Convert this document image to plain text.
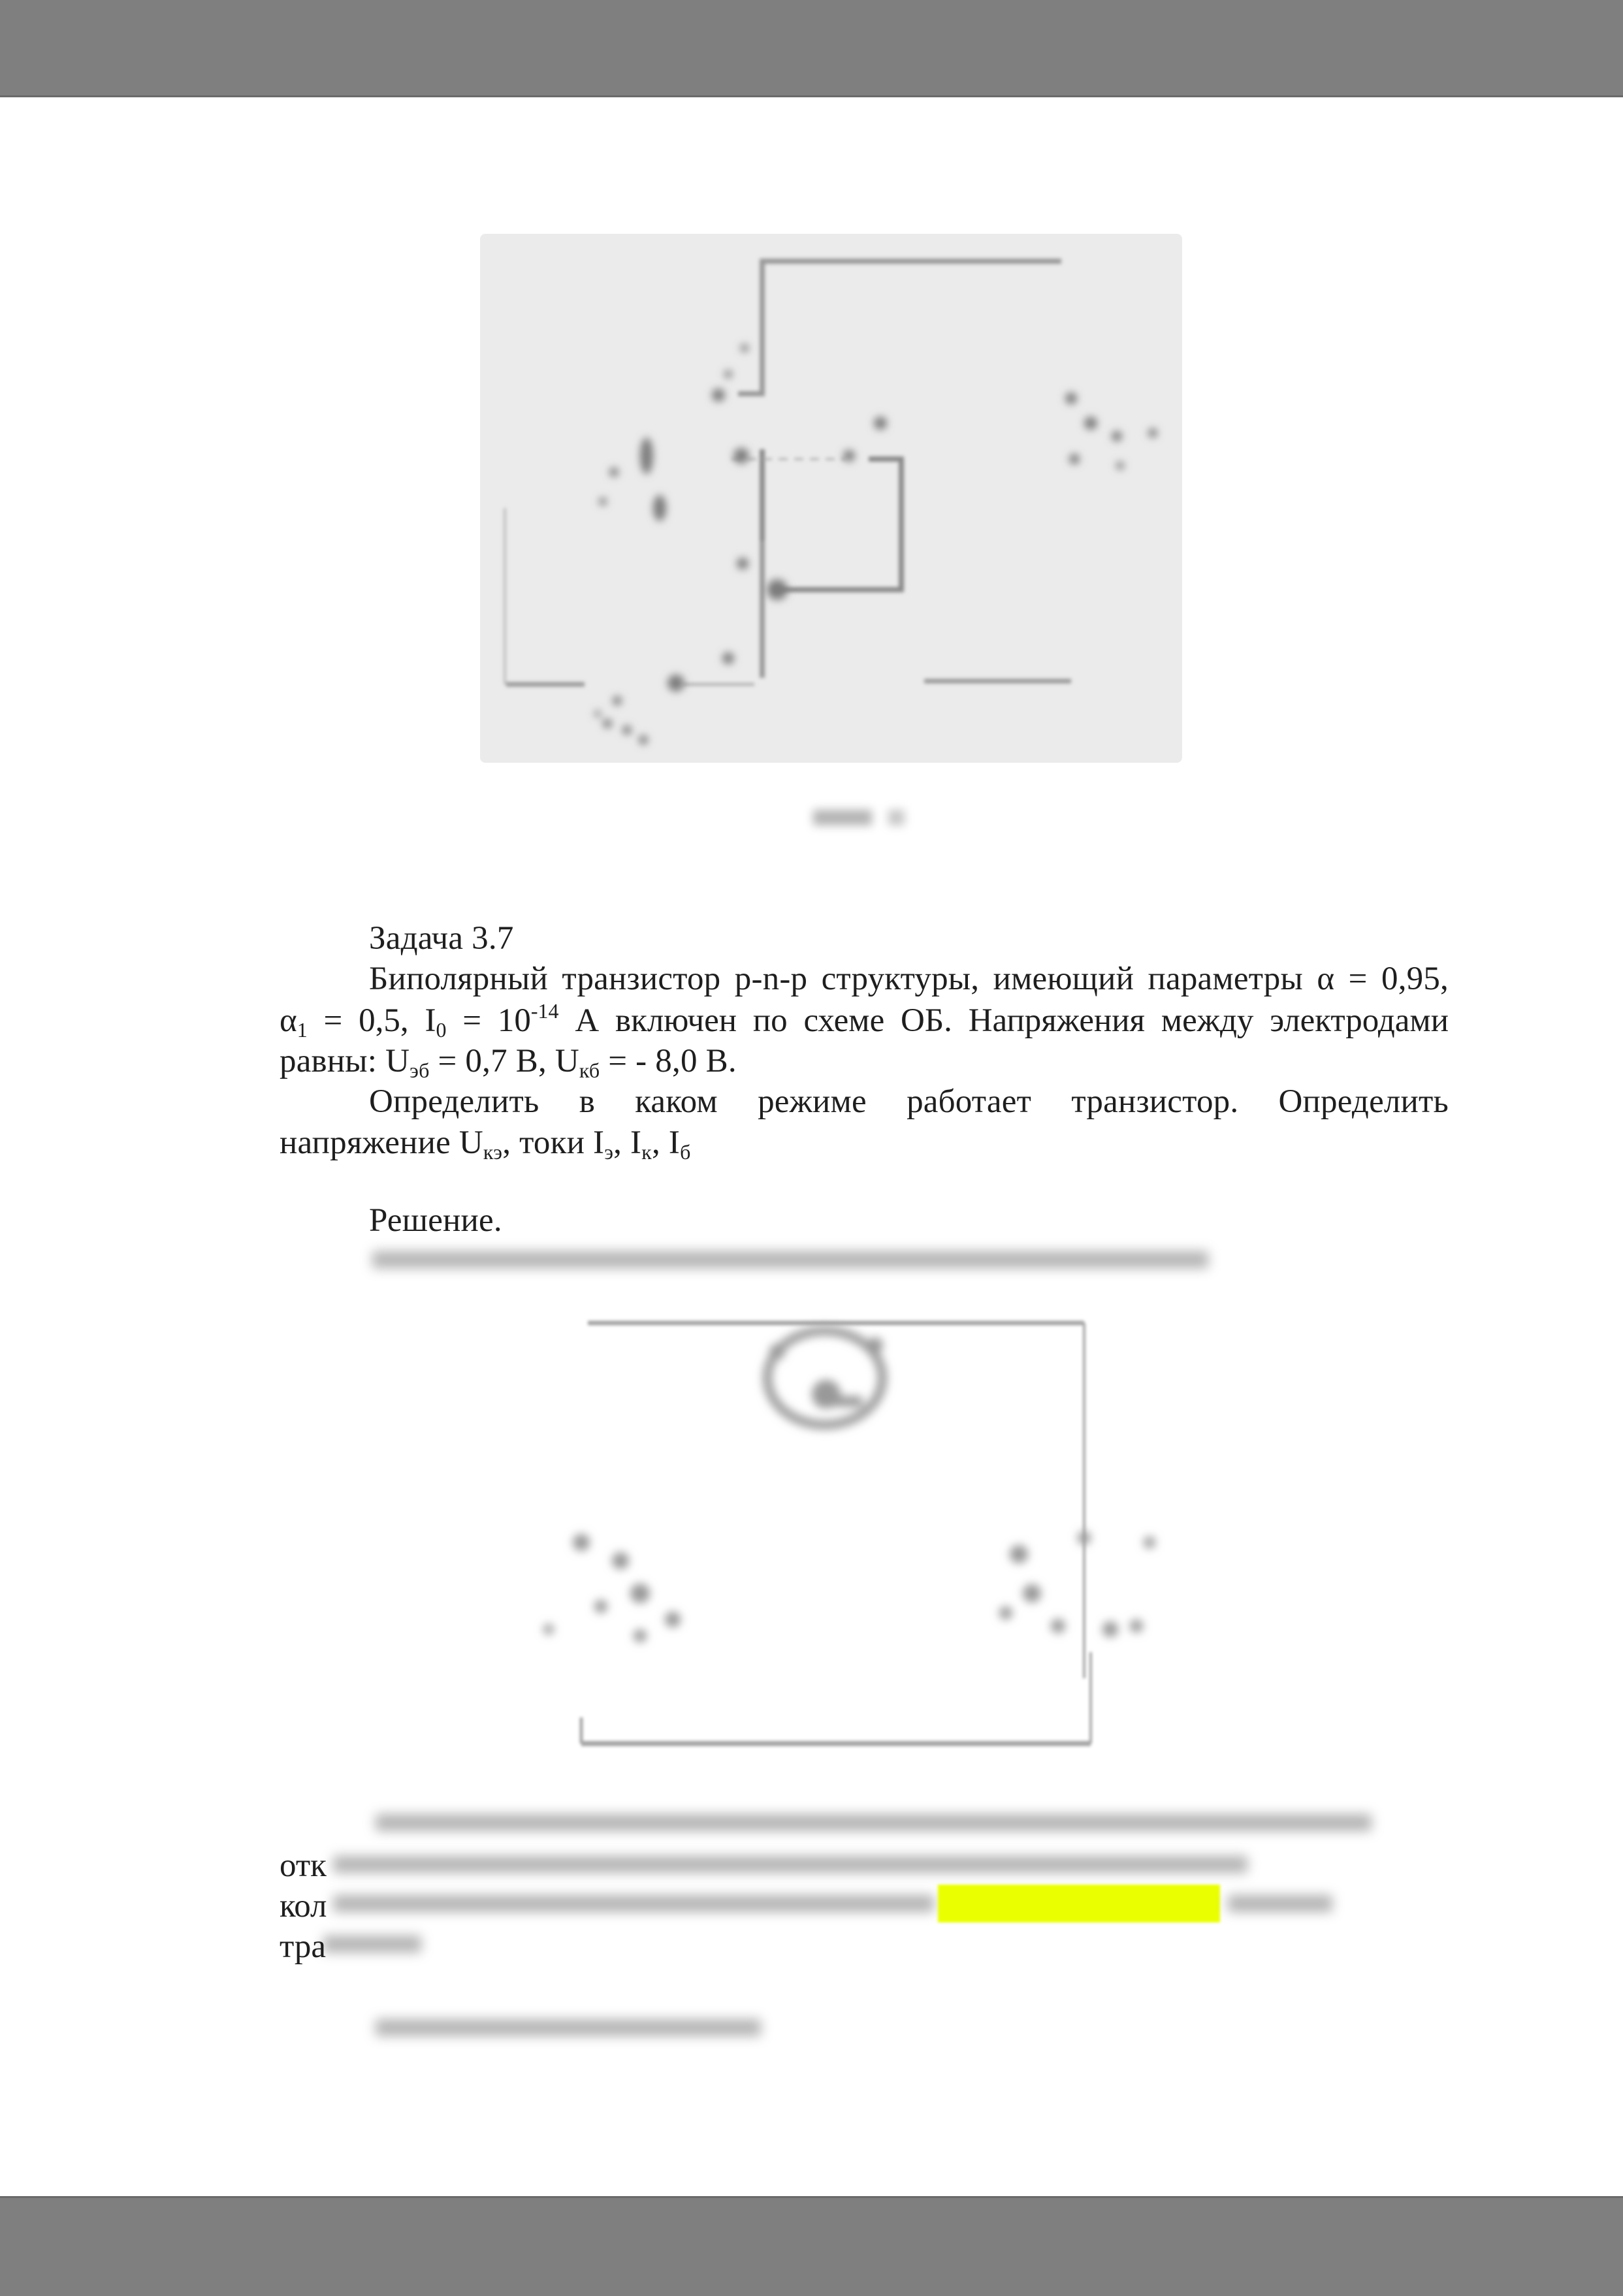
Задача 3.7
Биполярный транзистор p-n-p структуры, имеющий параметры α = 0,95,
$\alpha_1 = 0,5$, $I_0 = 10^{-14}$ А включен по схеме ОБ. Напряжения между электродами
равны: $U_{эб} = 0,7$ В, $U_{кб}$ = - 8,0 В.
Определить в каком режиме работает транзистор. Определить
напряжение $U_{кэ}$, токи $I_э$, $I_к$, $I_б$
Решение.
отк
кол
тра
